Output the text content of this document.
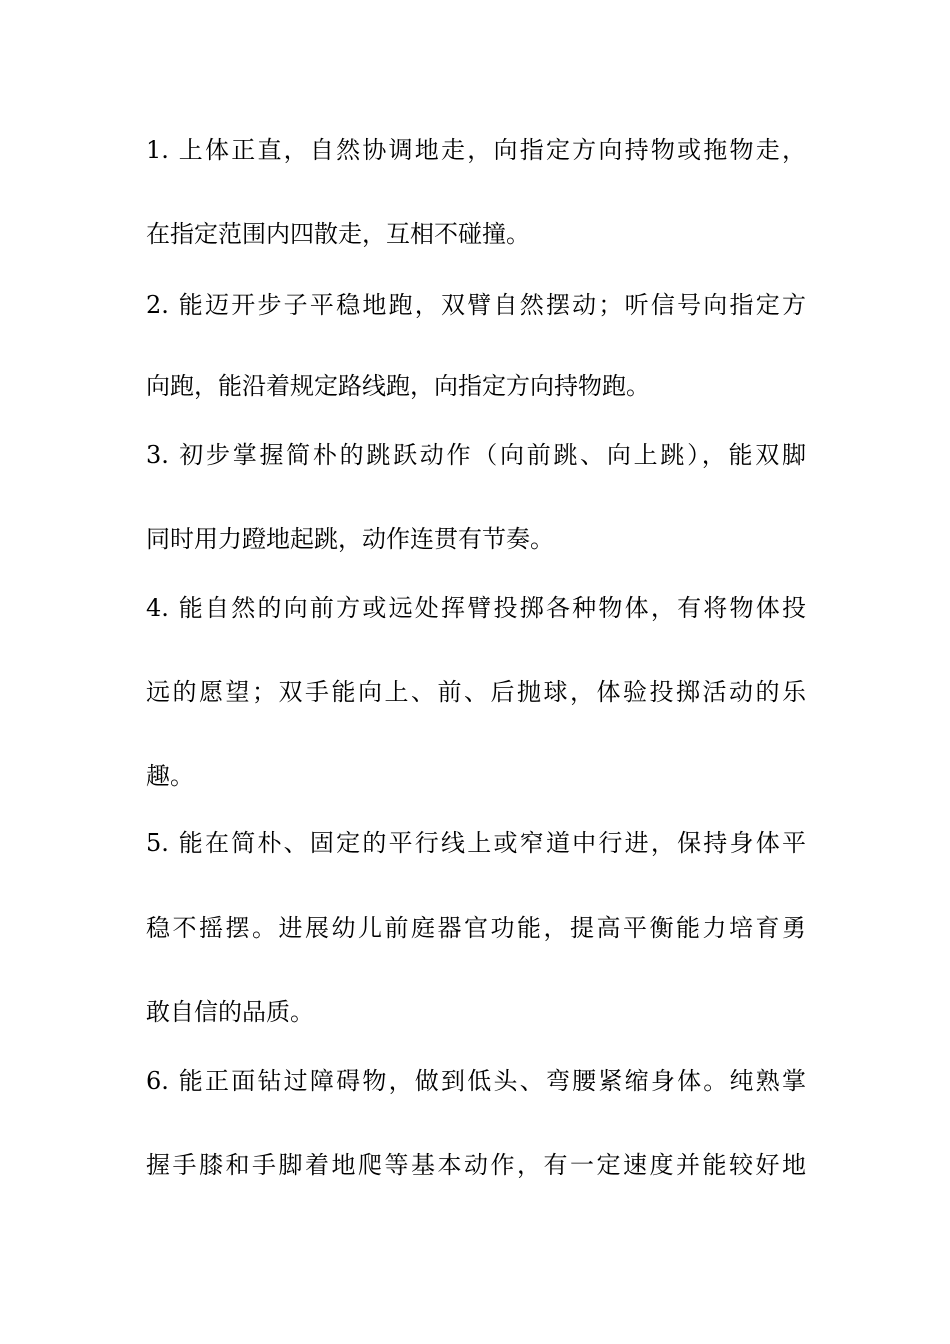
1. 上体正直，自然协调地走，向指定方向持物或拖物走，
在指定范围内四散走，互相不碰撞。
2. 能迈开步子平稳地跑，双臂自然摆动；听信号向指定方
向跑，能沿着规定路线跑，向指定方向持物跑。
3. 初步掌握简朴的跳跃动作（向前跳、向上跳），能双脚
同时用力蹬地起跳，动作连贯有节奏。
4. 能自然的向前方或远处挥臂投掷各种物体，有将物体投
远的愿望；双手能向上、前、后抛球，体验投掷活动的乐
趣。
5. 能在简朴、固定的平行线上或窄道中行进，保持身体平
稳不摇摆。进展幼儿前庭器官功能，提高平衡能力培育勇
敢自信的品质。
6. 能正面钻过障碍物，做到低头、弯腰紧缩身体。纯熟掌
握手膝和手脚着地爬等基本动作，有一定速度并能较好地
